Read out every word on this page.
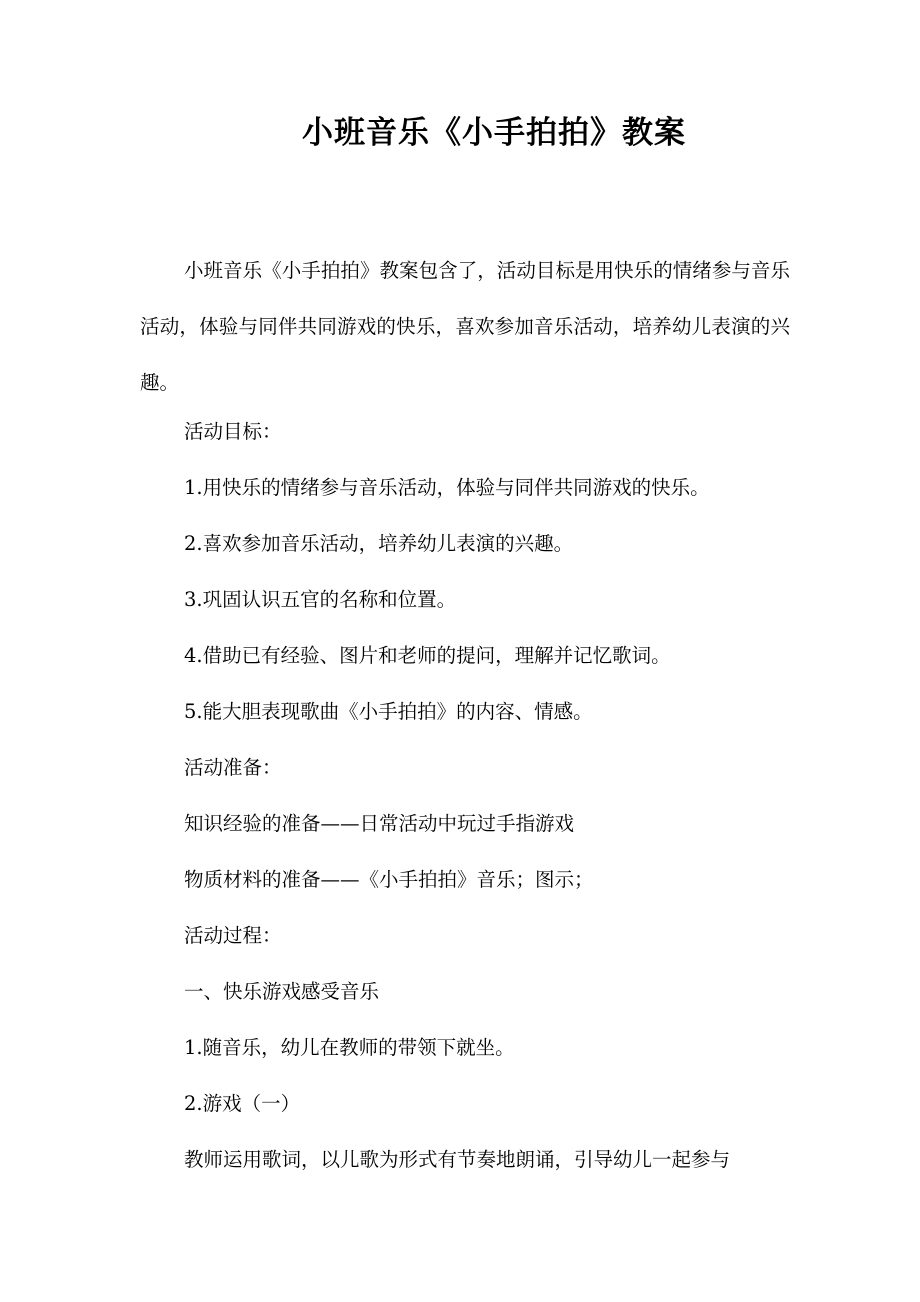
小班音乐《小手拍拍》教案

小班音乐《小手拍拍》教案包含了，活动目标是用快乐的情绪参与音乐活动，体验与同伴共同游戏的快乐，喜欢参加音乐活动，培养幼儿表演的兴趣。

活动目标：

1.用快乐的情绪参与音乐活动，体验与同伴共同游戏的快乐。

2.喜欢参加音乐活动，培养幼儿表演的兴趣。

3.巩固认识五官的名称和位置。

4.借助已有经验、图片和老师的提问，理解并记忆歌词。

5.能大胆表现歌曲《小手拍拍》的内容、情感。

活动准备：

知识经验的准备——日常活动中玩过手指游戏

物质材料的准备——《小手拍拍》音乐；图示；

活动过程：

一、快乐游戏感受音乐

1.随音乐，幼儿在教师的带领下就坐。

2.游戏（一）

教师运用歌词，以儿歌为形式有节奏地朗诵，引导幼儿一起参与
